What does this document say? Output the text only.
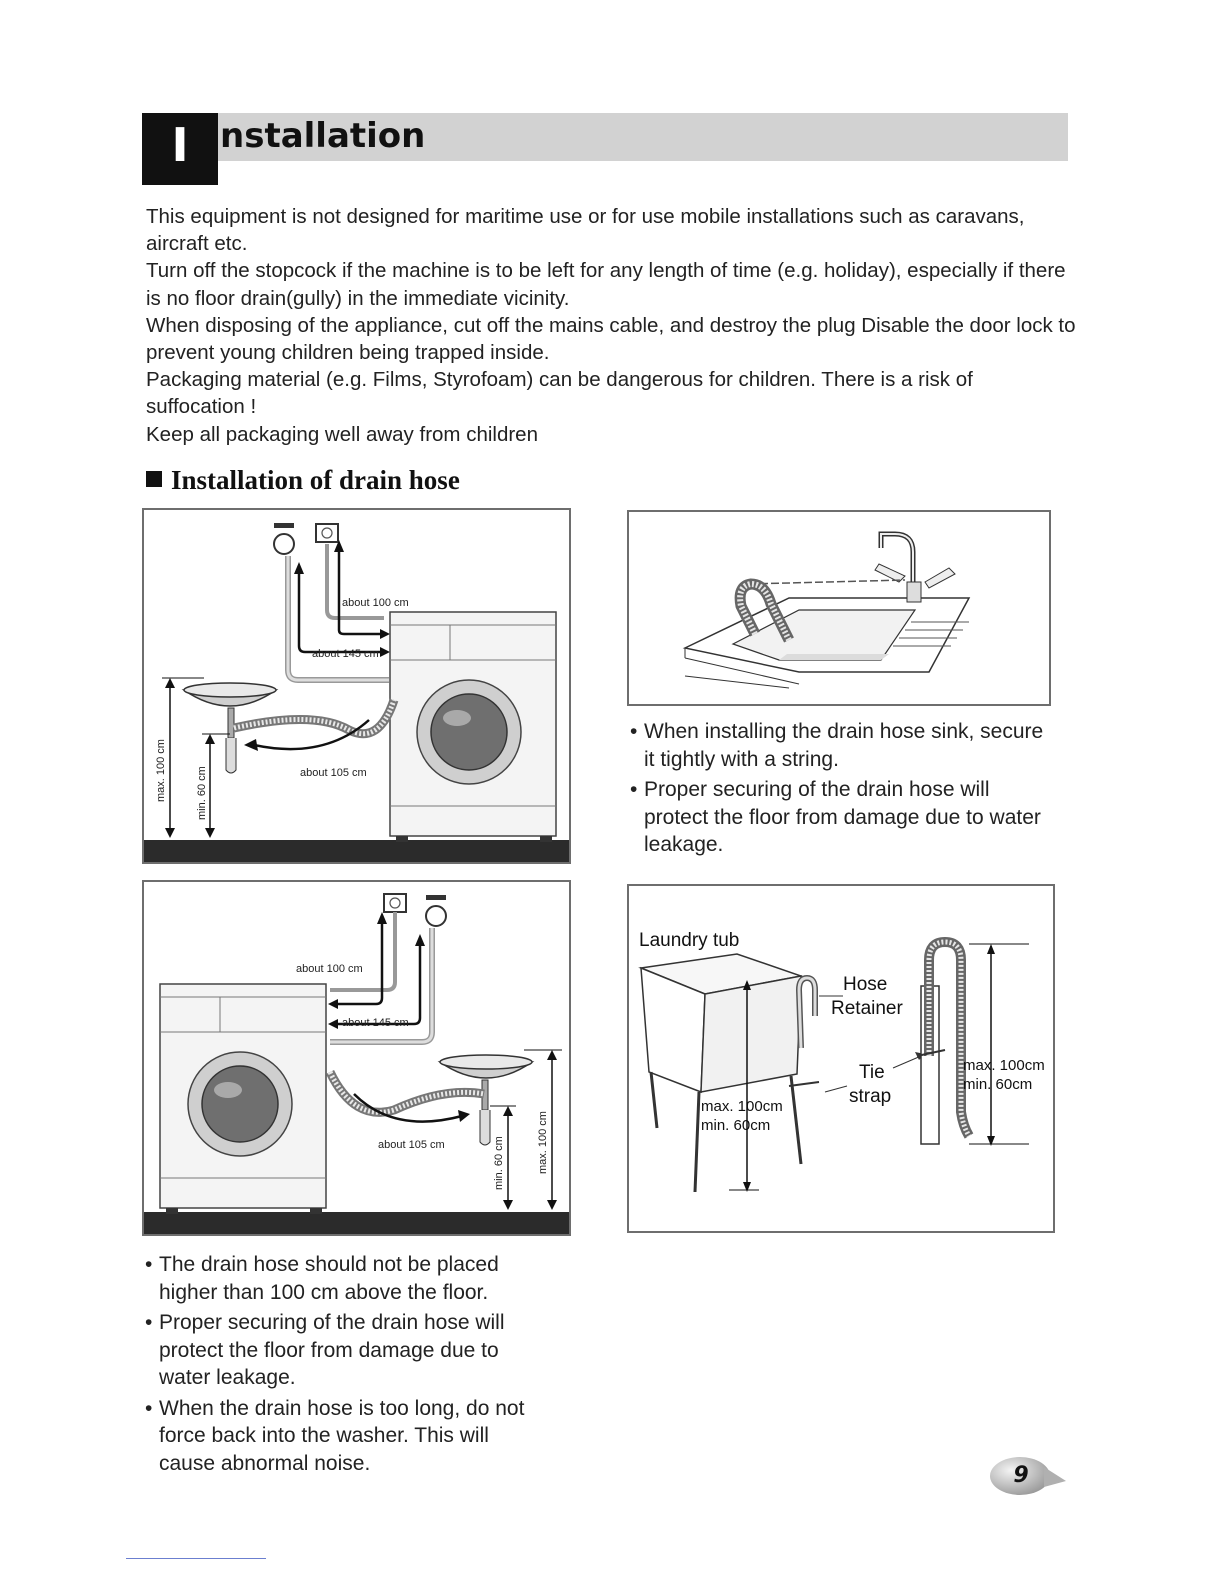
I nstallation

This equipment is not designed for maritime use or for use mobile installations such as caravans, aircraft etc.

Turn off the stopcock if the machine is to be left for any length of time (e.g. holiday), especially if there is no floor drain(gully) in the immediate vicinity.

When disposing of the appliance, cut off the mains cable, and destroy the plug Disable the door lock to prevent young children being trapped inside.

Packaging material (e.g. Films, Styrofoam) can be dangerous for children. There is a risk of suffocation !

Keep all packaging well away from children

Installation of drain hose
about 100 cm
about 145 cm
about 105 cm
max. 100 cm	min. 60 cm
about 100 cm
about 145 cm
about 105 cm	min. 60 cm	max. 100 cm
• When installing the drain hose sink, secure it tightly with a string.
• Proper securing of the drain hose will protect the floor from damage due to water leakage.
Laundry tub
max. 100cm
min. 60cm
Hose
Retainer
Tie
strap
max. 100cm
min. 60cm
• The drain hose should not be placed higher than 100 cm above the floor.
• Proper securing of the drain hose will protect the floor from damage due to water leakage.
• When the drain hose is too long, do not force back into the washer. This will cause abnormal noise.	9
